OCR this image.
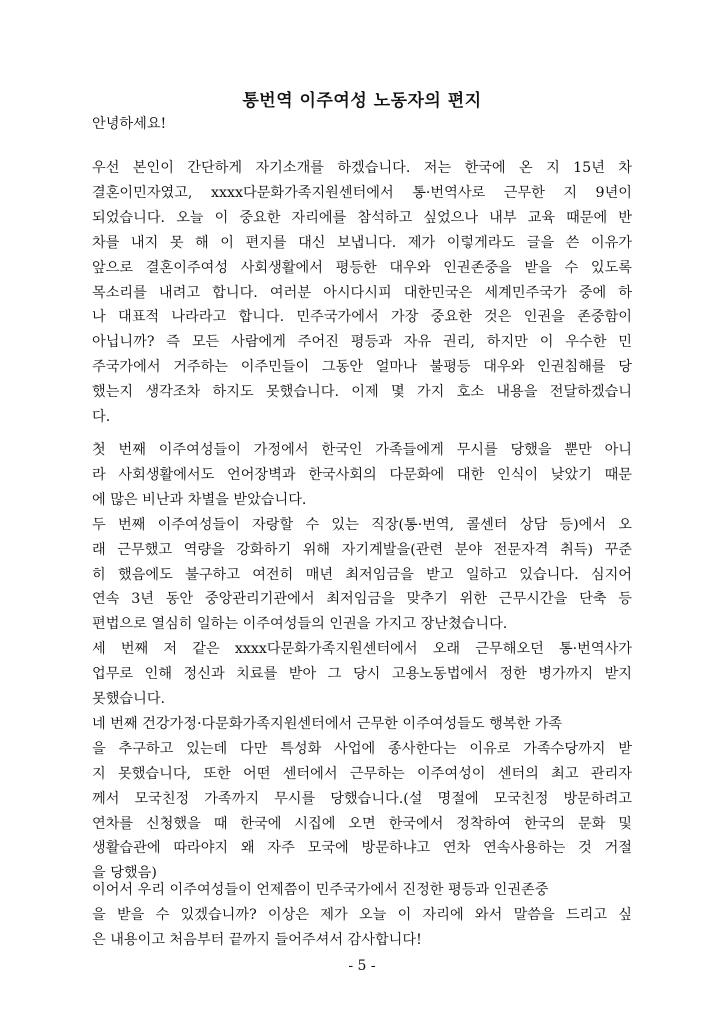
통번역 이주여성 노동자의 편지
안녕하세요!
우선 본인이 간단하게 자기소개를 하겠습니다. 저는 한국에 온 지 15년 차
결혼이민자였고, xxxx다문화가족지원센터에서 통·번역사로 근무한 지 9년이
되었습니다. 오늘 이 중요한 자리에를 참석하고 싶었으나 내부 교육 때문에 반
차를 내지 못 해 이 편지를 대신 보냅니다. 제가 이렇게라도 글을 쓴 이유가
앞으로 결혼이주여성 사회생활에서 평등한 대우와 인권존중을 받을 수 있도록
목소리를 내려고 합니다. 여러분 아시다시피 대한민국은 세계민주국가 중에 하
나 대표적 나라라고 합니다. 민주국가에서 가장 중요한 것은 인권을 존중함이
아닙니까? 즉 모든 사람에게 주어진 평등과 자유 권리, 하지만 이 우수한 민
주국가에서 거주하는 이주민들이 그동안 얼마나 불평등 대우와 인권침해를 당
했는지 생각조차 하지도 못했습니다. 이제 몇 가지 호소 내용을 전달하겠습니
다.
첫 번째 이주여성들이 가정에서 한국인 가족들에게 무시를 당했을 뿐만 아니
라 사회생활에서도 언어장벽과 한국사회의 다문화에 대한 인식이 낮았기 때문
에 많은 비난과 차별을 받았습니다.
두 번째 이주여성들이 자랑할 수 있는 직장(통·번역, 콜센터 상담 등)에서 오
래 근무했고 역량을 강화하기 위해 자기계발을(관련 분야 전문자격 취득) 꾸준
히 했음에도 불구하고 여전히 매년 최저임금을 받고 일하고 있습니다. 심지어
연속 3년 동안 중앙관리기관에서 최저임금을 맞추기 위한 근무시간을 단축 등
편법으로 열심히 일하는 이주여성들의 인권을 가지고 장난쳤습니다.
세 번째 저 같은 xxxx다문화가족지원센터에서 오래 근무해오던 통·번역사가
업무로 인해 정신과 치료를 받아 그 당시 고용노동법에서 정한 병가까지 받지
못했습니다.
네 번째 건강가정·다문화가족지원센터에서 근무한 이주여성들도 행복한 가족
을 추구하고 있는데 다만 특성화 사업에 종사한다는 이유로 가족수당까지 받
지 못했습니다, 또한 어떤 센터에서 근무하는 이주여성이 센터의 최고 관리자
께서 모국친정 가족까지 무시를 당했습니다.(설 명절에 모국친정 방문하려고
연차를 신청했을 때 한국에 시집에 오면 한국에서 정착하여 한국의 문화 및
생활습관에 따라야지 왜 자주 모국에 방문하냐고 연차 연속사용하는 것 거절
을 당했음)
이어서 우리 이주여성들이 언제쯤이 민주국가에서 진정한 평등과 인권존중
을 받을 수 있겠습니까? 이상은 제가 오늘 이 자리에 와서 말씀을 드리고 싶
은 내용이고 처음부터 끝까지 들어주셔서 감사합니다!
- 5 -
